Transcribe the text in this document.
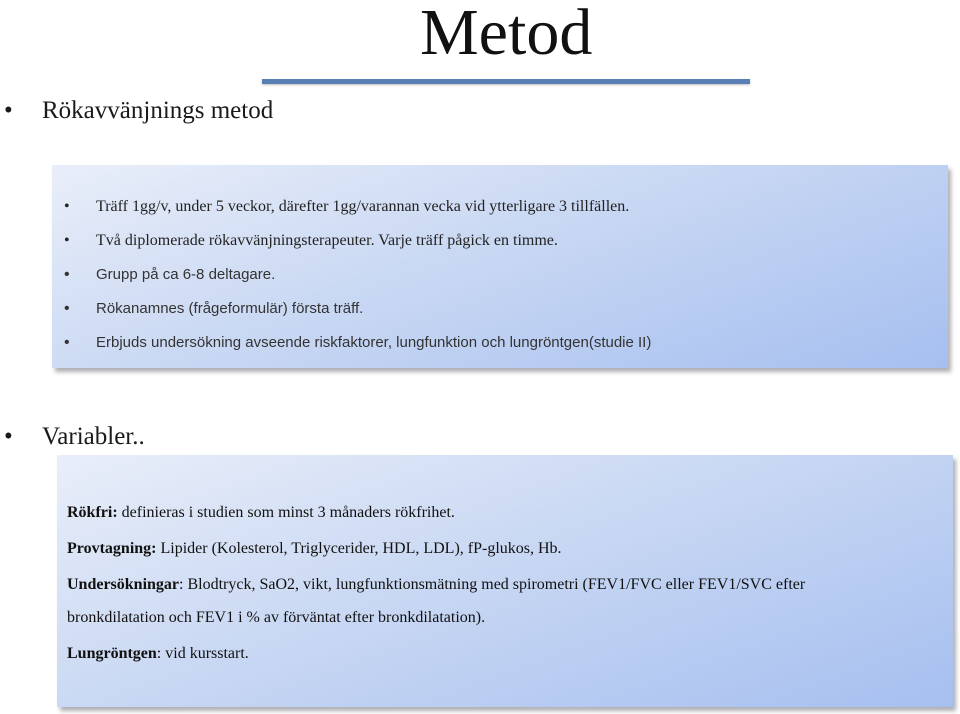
Metod
• Rökavvänjnings metod
• Träff 1gg/v, under 5 veckor, därefter 1gg/varannan vecka vid ytterligare 3 tillfällen.
• Två diplomerade rökavvänjningsterapeuter. Varje träff pågick en timme.
• Grupp på ca 6-8 deltagare.
• Rökanamnes (frågeformulär) första träff.
• Erbjuds undersökning avseende riskfaktorer, lungfunktion och lungröntgen(studie II)
• Variabler..
Rökfri: definieras i studien som minst 3 månaders rökfrihet.
Provtagning: Lipider (Kolesterol, Triglycerider, HDL, LDL), fP-glukos, Hb.
Undersökningar: Blodtryck, SaO2, vikt, lungfunktionsmätning med spirometri (FEV1/FVC eller FEV1/SVC efter
bronkdilatation och FEV1 i % av förväntat efter bronkdilatation).
Lungröntgen: vid kursstart.
